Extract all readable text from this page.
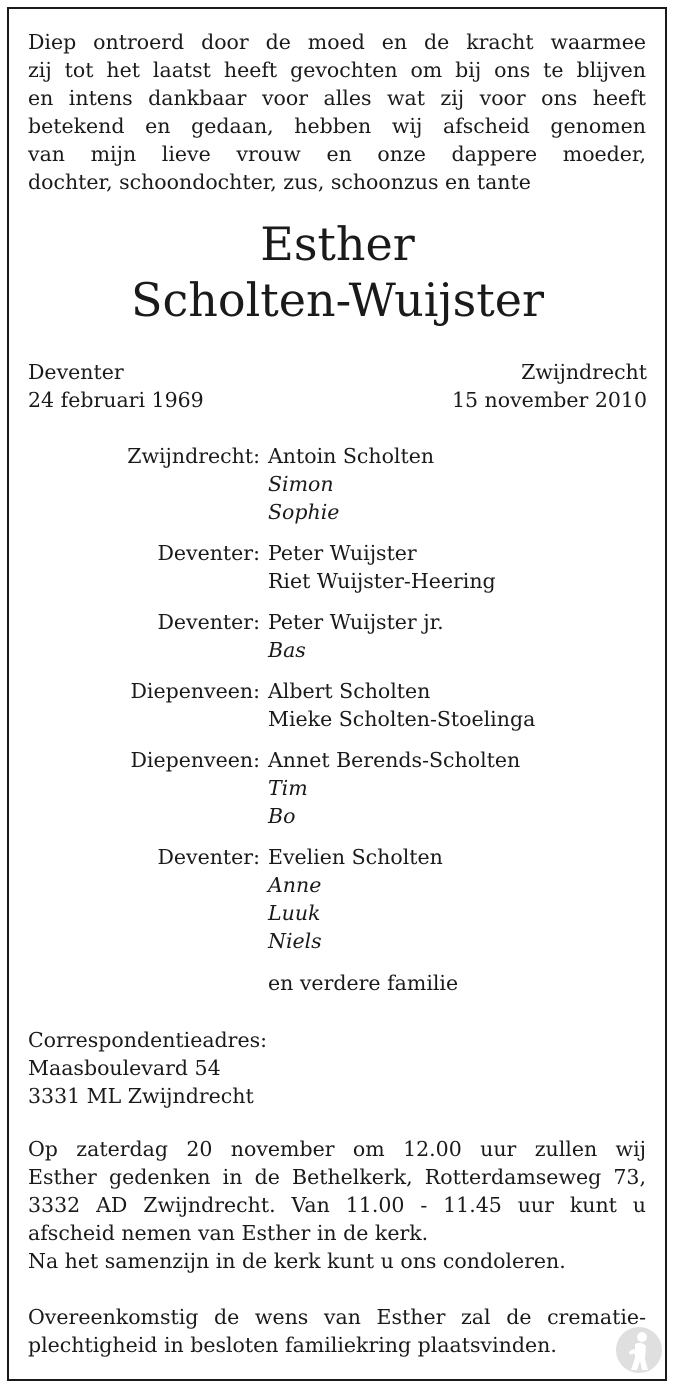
Diep ontroerd door de moed en de kracht waarmee
zij tot het laatst heeft gevochten om bij ons te blijven
en intens dankbaar voor alles wat zij voor ons heeft
betekend en gedaan, hebben wij afscheid genomen
van mijn lieve vrouw en onze dappere moeder,
dochter, schoondochter, zus, schoonzus en tante
Esther
Scholten-Wuijster
Deventer
24 februari 1969
Zwijndrecht
15 november 2010
Zwijndrecht: Antoin Scholten
Simon
Sophie
Deventer: Peter Wuijster
Riet Wuijster-Heering
Deventer: Peter Wuijster jr.
Bas
Diepenveen: Albert Scholten
Mieke Scholten-Stoelinga
Diepenveen: Annet Berends-Scholten
Tim
Bo
Deventer: Evelien Scholten
Anne
Luuk
Niels
en verdere familie
Correspondentieadres:
Maasboulevard 54
3331 ML Zwijndrecht
Op zaterdag 20 november om 12.00 uur zullen wij
Esther gedenken in de Bethelkerk, Rotterdamseweg 73,
3332 AD Zwijndrecht. Van 11.00 - 11.45 uur kunt u
afscheid nemen van Esther in de kerk.
Na het samenzijn in de kerk kunt u ons condoleren.
Overeenkomstig de wens van Esther zal de crematie-
plechtigheid in besloten familiekring plaatsvinden.
